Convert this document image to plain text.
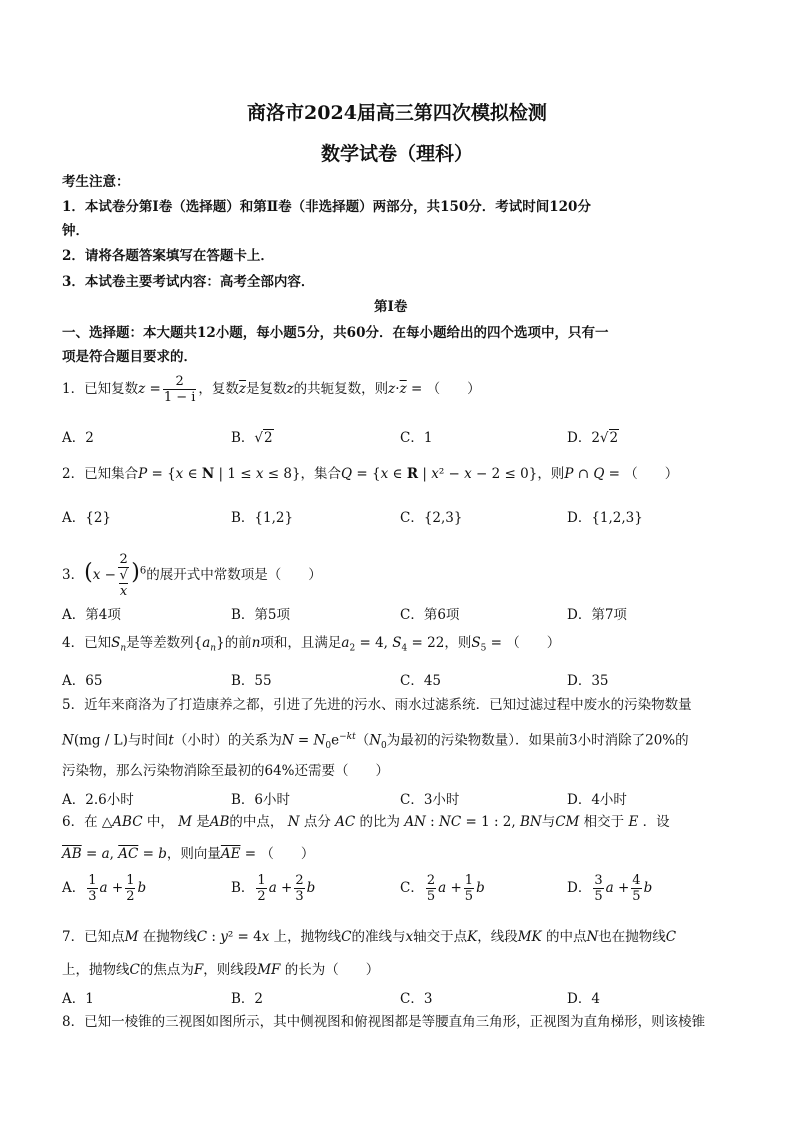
商洛市2024届高三第四次模拟检测
数学试卷（理科）
考生注意：
1．本试卷分第Ⅰ卷（选择题）和第Ⅱ卷（非选择题）两部分，共150分．考试时间120分
钟．
2．请将各题答案填写在答题卡上．
3．本试卷主要考试内容：高考全部内容．
第Ⅰ卷
一、选择题：本大题共12小题，每小题5分，共60分．在每小题给出的四个选项中，只有一
项是符合题目要求的．
1．已知复数$z = \frac{2}{1 - i}$ ，复数$\overline{z}$是复数z的共轭复数，则$z\cdot\overline{z}$ = （　　）
A．2	B．√2	C．1	D．2√2
2．已知集合P = {x ∈ N | 1 ≤ x ≤ 8}，集合Q = {x ∈ R | x² − x − 2 ≤ 0}，则P ∩ Q = （　　）
A．{2}	B．{1,2}	C．{2,3}	D．{1,2,3}
3．(x − 2
√
x )$^6$的展开式中常数项是（　　）
A．第4项	B．第5项	C．第6项	D．第7项
4．已知$S_n$是等差数列$\{a_n\}$的前n项和，且满足$a_2 = 4$, $S_4 = 22$，则$S_5$ = （　　）
A．65	B．55	C．45	D．35
5．近年来商洛为了打造康养之都，引进了先进的污水、雨水过滤系统．已知过滤过程中废水的污染物数量
N(mg / L)与时间t（小时）的关系为$N = N_0e^{-kt}(N_0$为最初的污染物数量）．如果前3小时消除了20%的
污染物，那么污染物消除至最初的64%还需要（　　）
A．2.6小时	B．6小时	C．3小时	D．4小时
6．在 △ABC 中， M 是AB的中点， N 点分 AC 的比为 AN : NC = 1 : 2, BN与CM 相交于 E ．设
$\overline{AB} = a$, $\overline{AC} = b$，则向量$\overline{AE}$ = （　　）
A． $\frac{1}{3}$ $a + \frac{1}{2}$ b	B． $\frac{1}{2}$ $a + \frac{2}{3}$ b	C． $\frac{2}{5}$ $a + \frac{1}{5}$ b	D． $\frac{3}{5}$ $a + \frac{4}{5}$ b
7．已知点M 在抛物线C : y² = 4x 上，抛物线C的准线与x轴交于点K，线段MK 的中点N也在抛物线C
上，抛物线C的焦点为F，则线段MF 的长为（　　）
A．1	B．2	C．3	D．4
8．已知一棱锥的三视图如图所示，其中侧视图和俯视图都是等腰直角三角形，正视图为直角梯形，则该棱锥
